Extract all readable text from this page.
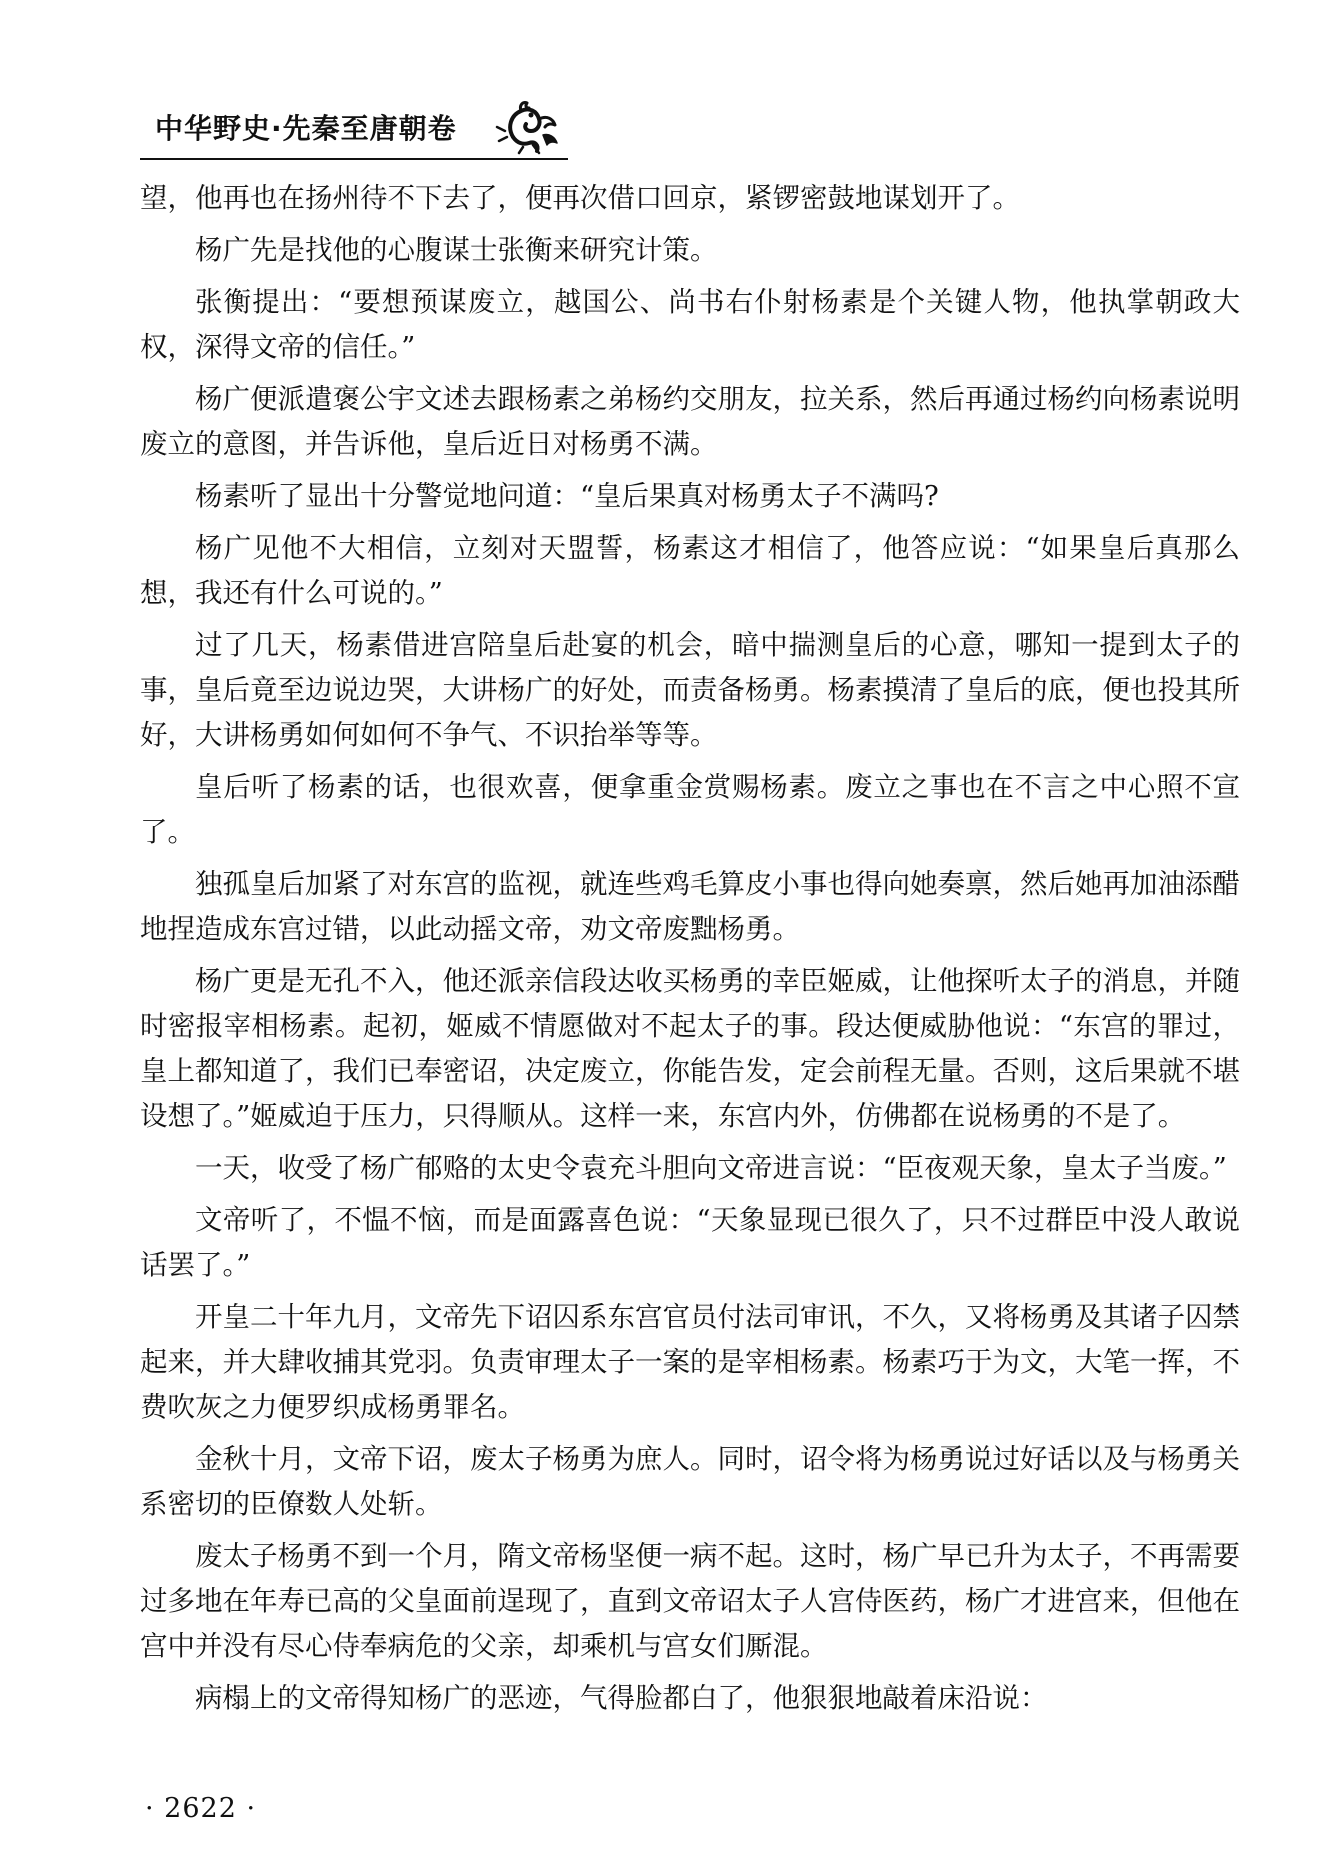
中华野史·先秦至唐朝卷

望，他再也在扬州待不下去了，便再次借口回京，紧锣密鼓地谋划开了。

杨广先是找他的心腹谋士张衡来研究计策。

张衡提出：“要想预谋废立，越国公、尚书右仆射杨素是个关键人物，他执掌朝政大权，深得文帝的信任。”

杨广便派遣褒公宇文述去跟杨素之弟杨约交朋友，拉关系，然后再通过杨约向杨素说明废立的意图，并告诉他，皇后近日对杨勇不满。

杨素听了显出十分警觉地问道：“皇后果真对杨勇太子不满吗?

杨广见他不大相信，立刻对天盟誓，杨素这才相信了，他答应说：“如果皇后真那么想，我还有什么可说的。”

过了几天，杨素借进宫陪皇后赴宴的机会，暗中揣测皇后的心意，哪知一提到太子的事，皇后竟至边说边哭，大讲杨广的好处，而责备杨勇。杨素摸清了皇后的底，便也投其所好，大讲杨勇如何如何不争气、不识抬举等等。

皇后听了杨素的话，也很欢喜，便拿重金赏赐杨素。废立之事也在不言之中心照不宣了。

独孤皇后加紧了对东宫的监视，就连些鸡毛算皮小事也得向她奏禀，然后她再加油添醋地捏造成东宫过错，以此动摇文帝，劝文帝废黜杨勇。

杨广更是无孔不入，他还派亲信段达收买杨勇的幸臣姬威，让他探听太子的消息，并随时密报宰相杨素。起初，姬威不情愿做对不起太子的事。段达便威胁他说：“东宫的罪过，皇上都知道了，我们已奉密诏，决定废立，你能告发，定会前程无量。否则，这后果就不堪设想了。”姬威迫于压力，只得顺从。这样一来，东宫内外，仿佛都在说杨勇的不是了。

一天，收受了杨广郁赂的太史令袁充斗胆向文帝进言说：“臣夜观天象，皇太子当废。”

文帝听了，不愠不恼，而是面露喜色说：“天象显现已很久了，只不过群臣中没人敢说话罢了。”

开皇二十年九月，文帝先下诏囚系东宫官员付法司审讯，不久，又将杨勇及其诸子囚禁起来，并大肆收捕其党羽。负责审理太子一案的是宰相杨素。杨素巧于为文，大笔一挥，不费吹灰之力便罗织成杨勇罪名。

金秋十月，文帝下诏，废太子杨勇为庶人。同时，诏令将为杨勇说过好话以及与杨勇关系密切的臣僚数人处斩。

废太子杨勇不到一个月，隋文帝杨坚便一病不起。这时，杨广早已升为太子，不再需要过多地在年寿已高的父皇面前逞现了，直到文帝诏太子人宫侍医药，杨广才进宫来，但他在宫中并没有尽心侍奉病危的父亲，却乘机与宫女们厮混。

病榻上的文帝得知杨广的恶迹，气得脸都白了，他狠狠地敲着床沿说：

· 2622 ·
